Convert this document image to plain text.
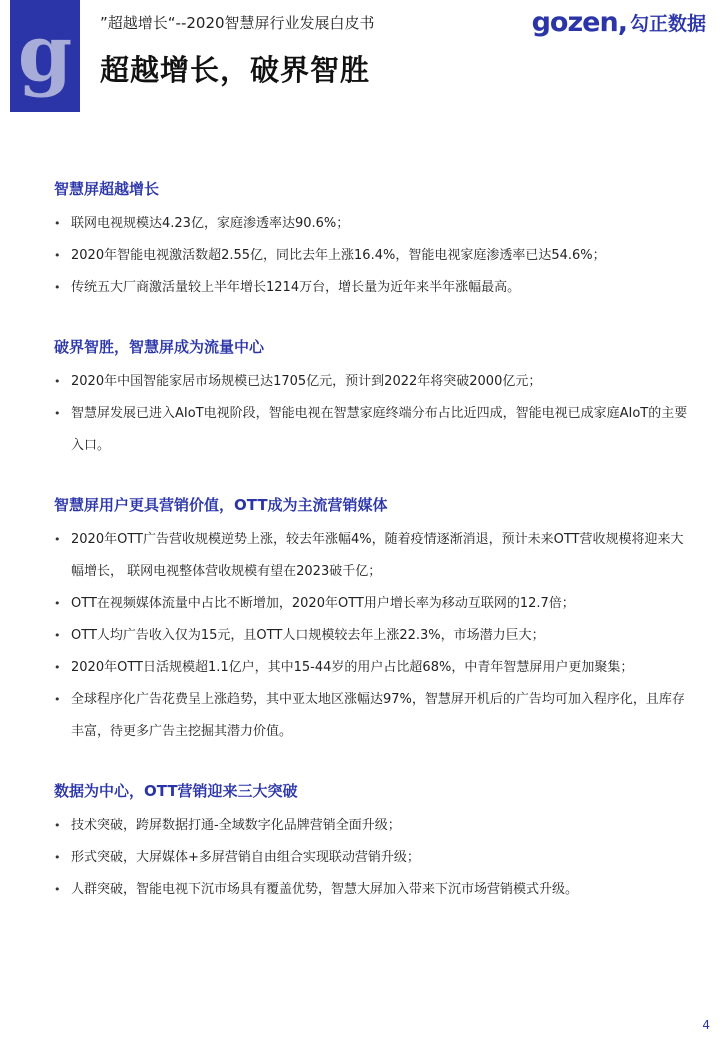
g	”超越增长“--2020智慧屏行业发展白皮书
超越增长，破界智胜
gozen, 勾正数据
智慧屏超越增长
• 联网电视规模达4.23亿，家庭渗透率达90.6%；
• 2020年智能电视激活数超2.55亿，同比去年上涨16.4%，智能电视家庭渗透率已达54.6%；
• 传统五大厂商激活量较上半年增长1214万台，增长量为近年来半年涨幅最高。
破界智胜，智慧屏成为流量中心
• 2020年中国智能家居市场规模已达1705亿元，预计到2022年将突破2000亿元；
• 智慧屏发展已进入AIoT电视阶段，智能电视在智慧家庭终端分布占比近四成，智能电视已成家庭AIoT的主要入口。
智慧屏用户更具营销价值，OTT成为主流营销媒体
• 2020年OTT广告营收规模逆势上涨，较去年涨幅4%，随着疫情逐渐消退，预计未来OTT营收规模将迎来大幅增长， 联网电视整体营收规模有望在2023破千亿；
• OTT在视频媒体流量中占比不断增加，2020年OTT用户增长率为移动互联网的12.7倍；
• OTT人均广告收入仅为15元，且OTT人口规模较去年上涨22.3%，市场潜力巨大；
• 2020年OTT日活规模超1.1亿户，其中15-44岁的用户占比超68%，中青年智慧屏用户更加聚集；
• 全球程序化广告花费呈上涨趋势，其中亚太地区涨幅达97%，智慧屏开机后的广告均可加入程序化，且库存丰富，待更多广告主挖掘其潜力价值。
数据为中心，OTT营销迎来三大突破
• 技术突破，跨屏数据打通-全域数字化品牌营销全面升级；
• 形式突破，大屏媒体+多屏营销自由组合实现联动营销升级；
• 人群突破，智能电视下沉市场具有覆盖优势，智慧大屏加入带来下沉市场营销模式升级。
4
